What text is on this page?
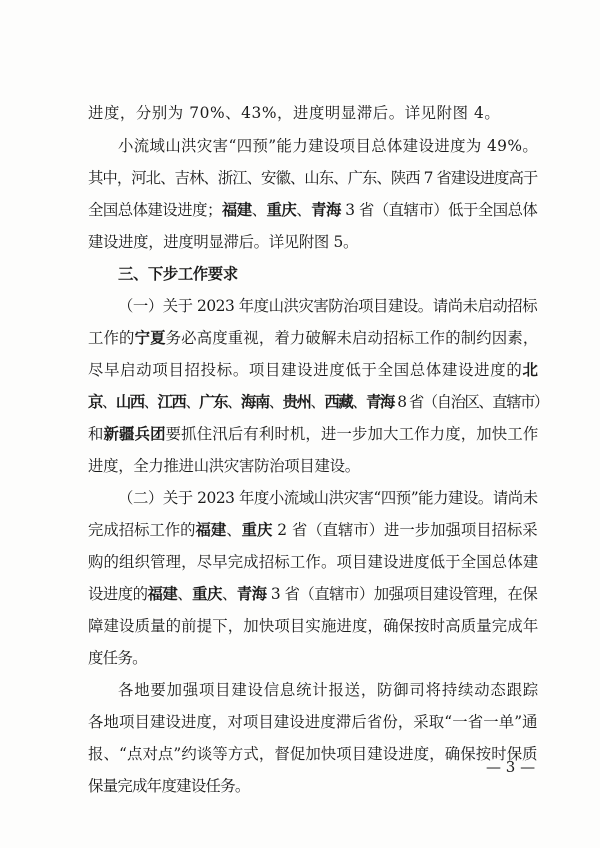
进度，分别为 70%、43%，进度明显滞后。详见附图 4。
小流域山洪灾害“四预”能力建设项目总体建设进度为 49%。
其中，河北、吉林、浙江、安徽、山东、广东、陕西 7 省建设进度高于
全国总体建设进度；福建、重庆、青海 3 省（直辖市）低于全国总体
建设进度，进度明显滞后。详见附图 5。
三、下步工作要求
（一）关于 2023 年度山洪灾害防治项目建设。请尚未启动招标
工作的宁夏务必高度重视，着力破解未启动招标工作的制约因素，
尽早启动项目招投标。项目建设进度低于全国总体建设进度的北
京、山西、江西、广东、海南、贵州、西藏、青海 8 省（自治区、直辖市）
和新疆兵团要抓住汛后有利时机，进一步加大工作力度，加快工作
进度，全力推进山洪灾害防治项目建设。
（二）关于 2023 年度小流域山洪灾害“四预”能力建设。请尚未
完成招标工作的福建、重庆 2 省（直辖市）进一步加强项目招标采
购的组织管理，尽早完成招标工作。项目建设进度低于全国总体建
设进度的福建、重庆、青海 3 省（直辖市）加强项目建设管理，在保
障建设质量的前提下，加快项目实施进度，确保按时高质量完成年
度任务。
各地要加强项目建设信息统计报送，防御司将持续动态跟踪
各地项目建设进度，对项目建设进度滞后省份，采取“一省一单”通
报、“点对点”约谈等方式，督促加快项目建设进度，确保按时保质
保量完成年度建设任务。
— 3 —
